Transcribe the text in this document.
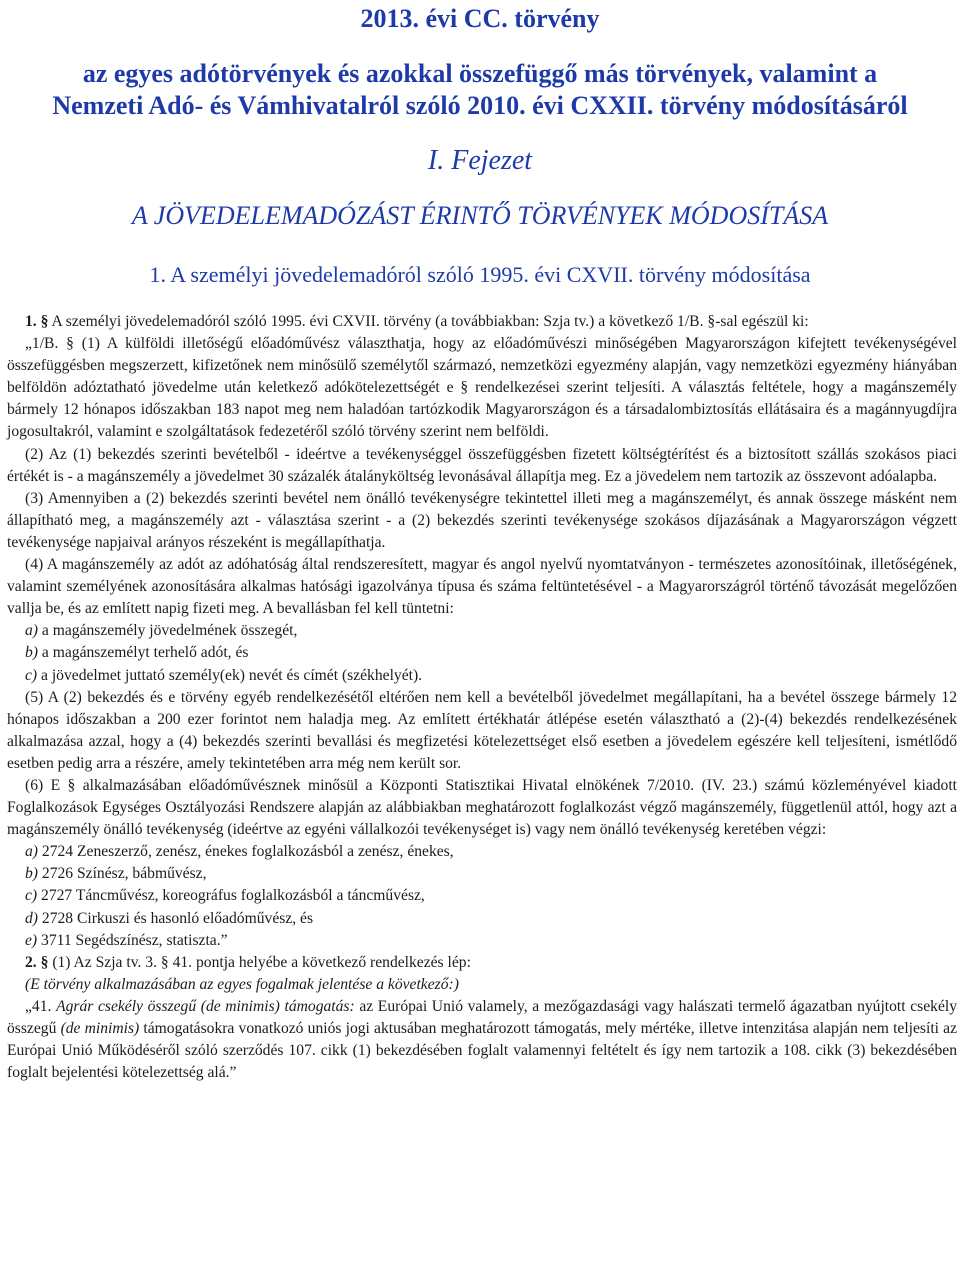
2013. évi CC. törvény
az egyes adótörvények és azokkal összefüggő más törvények, valamint a Nemzeti Adó- és Vámhivatalról szóló 2010. évi CXXII. törvény módosításáról
I. Fejezet
A JÖVEDELEMADÓZÁST ÉRINTŐ TÖRVÉNYEK MÓDOSÍTÁSA
1. A személyi jövedelemadóról szóló 1995. évi CXVII. törvény módosítása

1. § A személyi jövedelemadóról szóló 1995. évi CXVII. törvény (a továbbiakban: Szja tv.) a következő 1/B. §-sal egészül ki:

„1/B. § (1) A külföldi illetőségű előadóművész választhatja, hogy az előadóművészi minőségében Magyarországon kifejtett tevékenységével összefüggésben megszerzett, kifizetőnek nem minősülő személytől származó, nemzetközi egyezmény alapján, vagy nemzetközi egyezmény hiányában belföldön adóztatható jövedelme után keletkező adókötelezettségét e § rendelkezései szerint teljesíti. A választás feltétele, hogy a magánszemély bármely 12 hónapos időszakban 183 napot meg nem haladóan tartózkodik Magyarországon és a társadalombiztosítás ellátásaira és a magánnyugdíjra jogosultakról, valamint e szolgáltatások fedezetéről szóló törvény szerint nem belföldi.

(2) Az (1) bekezdés szerinti bevételből - ideértve a tevékenységgel összefüggésben fizetett költségtérítést és a biztosított szállás szokásos piaci értékét is - a magánszemély a jövedelmet 30 százalék átalányköltség levonásával állapítja meg. Ez a jövedelem nem tartozik az összevont adóalapba.

(3) Amennyiben a (2) bekezdés szerinti bevétel nem önálló tevékenységre tekintettel illeti meg a magánszemélyt, és annak összege másként nem állapítható meg, a magánszemély azt - választása szerint - a (2) bekezdés szerinti tevékenysége szokásos díjazásának a Magyarországon végzett tevékenysége napjaival arányos részeként is megállapíthatja.

(4) A magánszemély az adót az adóhatóság által rendszeresített, magyar és angol nyelvű nyomtatványon - természetes azonosítóinak, illetőségének, valamint személyének azonosítására alkalmas hatósági igazolványa típusa és száma feltüntetésével - a Magyarországról történő távozását megelőzően vallja be, és az említett napig fizeti meg. A bevallásban fel kell tüntetni:

a) a magánszemély jövedelmének összegét,

b) a magánszemélyt terhelő adót, és

c) a jövedelmet juttató személy(ek) nevét és címét (székhelyét).

(5) A (2) bekezdés és e törvény egyéb rendelkezésétől eltérően nem kell a bevételből jövedelmet megállapítani, ha a bevétel összege bármely 12 hónapos időszakban a 200 ezer forintot nem haladja meg. Az említett értékhatár átlépése esetén választható a (2)-(4) bekezdés rendelkezésének alkalmazása azzal, hogy a (4) bekezdés szerinti bevallási és megfizetési kötelezettséget első esetben a jövedelem egészére kell teljesíteni, ismétlődő esetben pedig arra a részére, amely tekintetében arra még nem került sor.

(6) E § alkalmazásában előadóművésznek minősül a Központi Statisztikai Hivatal elnökének 7/2010. (IV. 23.) számú közleményével kiadott Foglalkozások Egységes Osztályozási Rendszere alapján az alábbiakban meghatározott foglalkozást végző magánszemély, függetlenül attól, hogy azt a magánszemély önálló tevékenység (ideértve az egyéni vállalkozói tevékenységet is) vagy nem önálló tevékenység keretében végzi:

a) 2724 Zeneszerző, zenész, énekes foglalkozásból a zenész, énekes,

b) 2726 Színész, bábművész,

c) 2727 Táncművész, koreográfus foglalkozásból a táncművész,

d) 2728 Cirkuszi és hasonló előadóművész, és

e) 3711 Segédszínész, statiszta.”

2. § (1) Az Szja tv. 3. § 41. pontja helyébe a következő rendelkezés lép:

(E törvény alkalmazásában az egyes fogalmak jelentése a következő:)

„41. Agrár csekély összegű (de minimis) támogatás: az Európai Unió valamely, a mezőgazdasági vagy halászati termelő ágazatban nyújtott csekély összegű (de minimis) támogatásokra vonatkozó uniós jogi aktusában meghatározott támogatás, mely mértéke, illetve intenzitása alapján nem teljesíti az Európai Unió Működéséről szóló szerződés 107. cikk (1) bekezdésében foglalt valamennyi feltételt és így nem tartozik a 108. cikk (3) bekezdésében foglalt bejelentési kötelezettség alá.”
